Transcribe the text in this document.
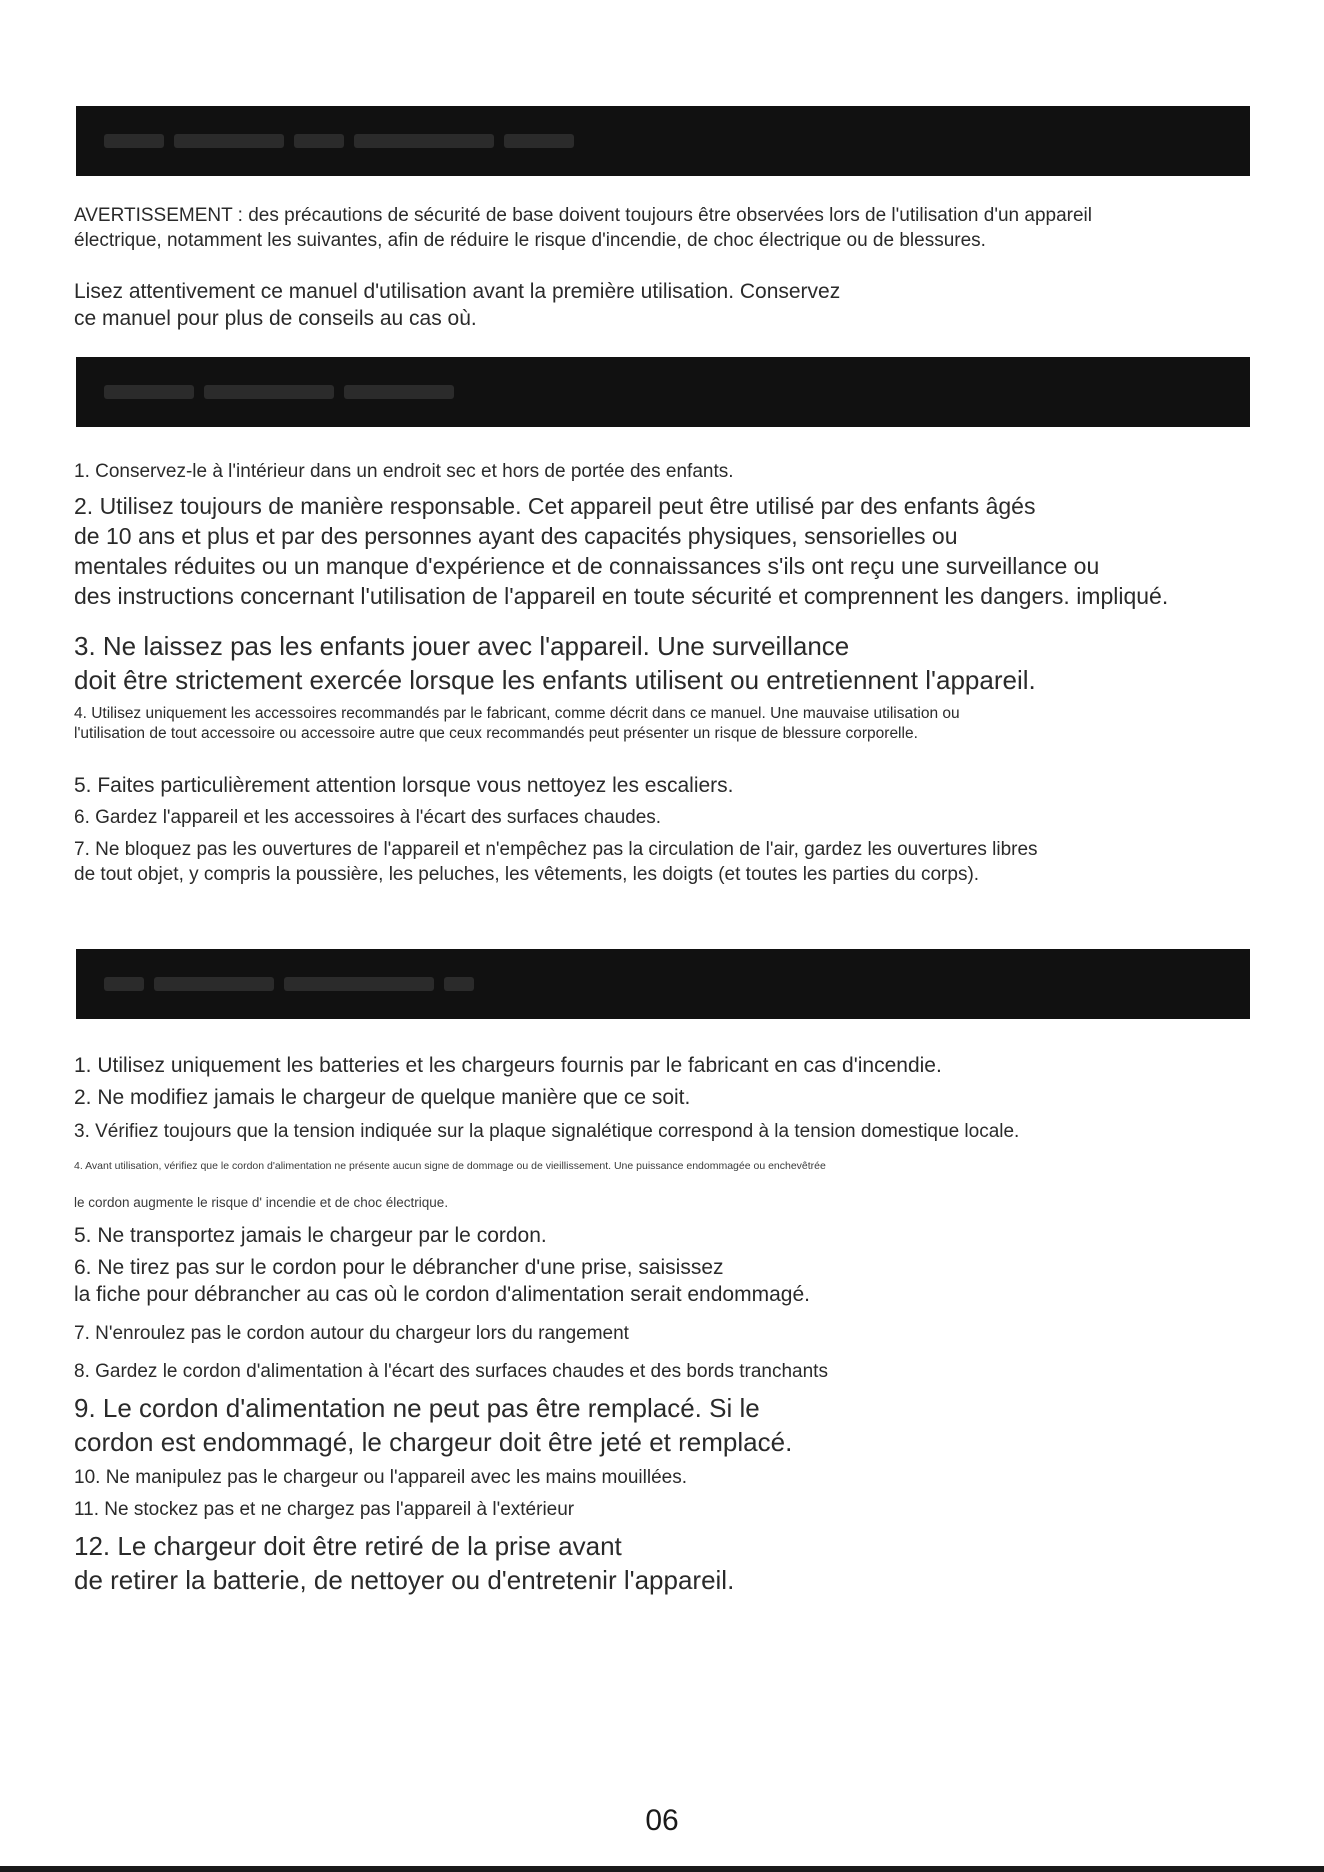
AVERTISSEMENT : des précautions de sécurité de base doivent toujours être observées lors de l'utilisation d'un appareil
électrique, notamment les suivantes, afin de réduire le risque d'incendie, de choc électrique ou de blessures.
Lisez attentivement ce manuel d'utilisation avant la première utilisation. Conservez
ce manuel pour plus de conseils au cas où.
1. Conservez-le à l'intérieur dans un endroit sec et hors de portée des enfants.
2. Utilisez toujours de manière responsable. Cet appareil peut être utilisé par des enfants âgés
de 10 ans et plus et par des personnes ayant des capacités physiques, sensorielles ou
mentales réduites ou un manque d'expérience et de connaissances s'ils ont reçu une surveillance ou
des instructions concernant l'utilisation de l'appareil en toute sécurité et comprennent les dangers. impliqué.
3. Ne laissez pas les enfants jouer avec l'appareil. Une surveillance
doit être strictement exercée lorsque les enfants utilisent ou entretiennent l'appareil.
4. Utilisez uniquement les accessoires recommandés par le fabricant, comme décrit dans ce manuel. Une mauvaise utilisation ou
l'utilisation de tout accessoire ou accessoire autre que ceux recommandés peut présenter un risque de blessure corporelle.
5. Faites particulièrement attention lorsque vous nettoyez les escaliers.
6. Gardez l'appareil et les accessoires à l'écart des surfaces chaudes.
7. Ne bloquez pas les ouvertures de l'appareil et n'empêchez pas la circulation de l'air, gardez les ouvertures libres
de tout objet, y compris la poussière, les peluches, les vêtements, les doigts (et toutes les parties du corps).
1. Utilisez uniquement les batteries et les chargeurs fournis par le fabricant en cas d'incendie.
2. Ne modifiez jamais le chargeur de quelque manière que ce soit.
3. Vérifiez toujours que la tension indiquée sur la plaque signalétique correspond à la tension domestique locale.
4. Avant utilisation, vérifiez que le cordon d'alimentation ne présente aucun signe de dommage ou de vieillissement. Une puissance endommagée ou enchevêtrée
le cordon augmente le risque d' incendie et de choc électrique.
5. Ne transportez jamais le chargeur par le cordon.
6. Ne tirez pas sur le cordon pour le débrancher d'une prise, saisissez
la fiche pour débrancher au cas où le cordon d'alimentation serait endommagé.
7. N'enroulez pas le cordon autour du chargeur lors du rangement
8. Gardez le cordon d'alimentation à l'écart des surfaces chaudes et des bords tranchants
9. Le cordon d'alimentation ne peut pas être remplacé. Si le
cordon est endommagé, le chargeur doit être jeté et remplacé.
10. Ne manipulez pas le chargeur ou l'appareil avec les mains mouillées.
11. Ne stockez pas et ne chargez pas l'appareil à l'extérieur
12. Le chargeur doit être retiré de la prise avant
de retirer la batterie, de nettoyer ou d'entretenir l'appareil.
06
